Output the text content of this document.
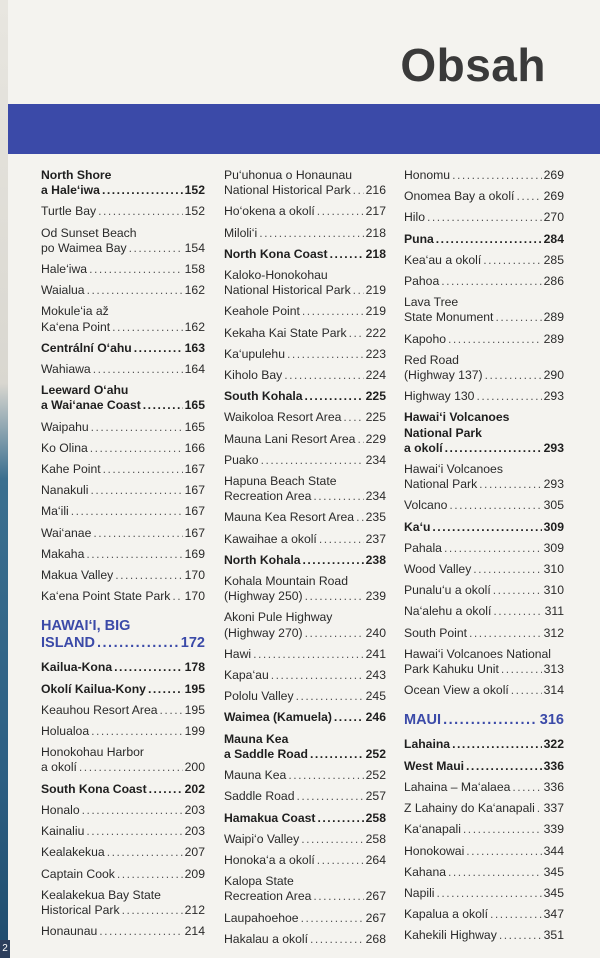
2
Obsah
North Shore
a Hale‘iwa .....	152
Turtle Bay .....	152
Od Sunset Beach
po Waimea Bay .....	154
Hale‘iwa .....	158
Waialua .....	162
Mokule‘ia až
Ka‘ena Point .....	162
Centrální O‘ahu .....	163
Wahiawa .....	164
Leeward O‘ahu
a Wai‘anae Coast .....	165
Waipahu .....	165
Ko Olina .....	166
Kahe Point .....	167
Nanakuli .....	167
Ma‘ili .....	167
Wai‘anae .....	167
Makaha .....	169
Makua Valley .....	170
Ka‘ena Point State Park ..... 170
HAWAI‘I, BIG
ISLAND .....	172
Kailua-Kona .....	178
Okolí Kailua-Kony .....	195
Keauhou Resort Area ..... 195
Holualoa .....	199
Honokohau Harbor
a okolí .....	200
South Kona Coast .....	202
Honalo .....	203
Kainaliu .....	203
Kealakekua .....	207
Captain Cook .....	209
Kealakekua Bay State
Historical Park .....	212
Honaunau .....	214
Pu‘uhonua o Honaunau
National Historical Park ..... 216
Ho‘okena a okolí .....	217
Miloli‘i .....	218
North Kona Coast .....	218
Kaloko-Honokohau
National Historical Park ..... 219
Keahole Point .....	219
Kekaha Kai State Park ..... 222
Ka‘upulehu .....	223
Kiholo Bay .....	224
South Kohala .....	225
Waikoloa Resort Area ..... 225
Mauna Lani Resort Area ..... 229
Puako .....	234
Hapuna Beach State
Recreation Area .....	234
Mauna Kea Resort Area ..... 235
Kawaihae a okolí .....	237
North Kohala .....	238
Kohala Mountain Road
(Highway 250) .....	239
Akoni Pule Highway
(Highway 270) .....	240
Hawi .....	241
Kapa‘au .....	243
Pololu Valley .....	245
Waimea (Kamuela) .....	246
Mauna Kea
a Saddle Road .....	252
Mauna Kea .....	252
Saddle Road .....	257
Hamakua Coast .....	258
Waipi‘o Valley .....	258
Honoka‘a a okolí .....	264
Kalopa State
Recreation Area .....	267
Laupahoehoe .....	267
Hakalau a okolí .....	268
Honomu .....	269
Onomea Bay a okolí ..... 269
Hilo .....	270
Puna .....	284
Kea‘au a okolí .....	285
Pahoa .....	286
Lava Tree
State Monument .....	289
Kapoho .....	289
Red Road
(Highway 137) .....	290
Highway 130 .....	293
Hawai‘i Volcanoes
National Park
a okolí .....	293
Hawai‘i Volcanoes
National Park .....	293
Volcano .....	305
Ka‘u .....	309
Pahala .....	309
Wood Valley .....	310
Punalu‘u a okolí .....	310
Na‘alehu a okolí .....	311
South Point .....	312
Hawai‘i Volcanoes National
Park Kahuku Unit .....	313
Ocean View a okolí .....	314
MAUI .....	316
Lahaina .....	322
West Maui .....	336
Lahaina – Ma‘alaea .....	336
Z Lahainy do Ka‘anapali ..... 337
Ka‘anapali .....	339
Honokowai .....	344
Kahana .....	345
Napili .....	345
Kapalua a okolí .....	347
Kahekili Highway .....	351
